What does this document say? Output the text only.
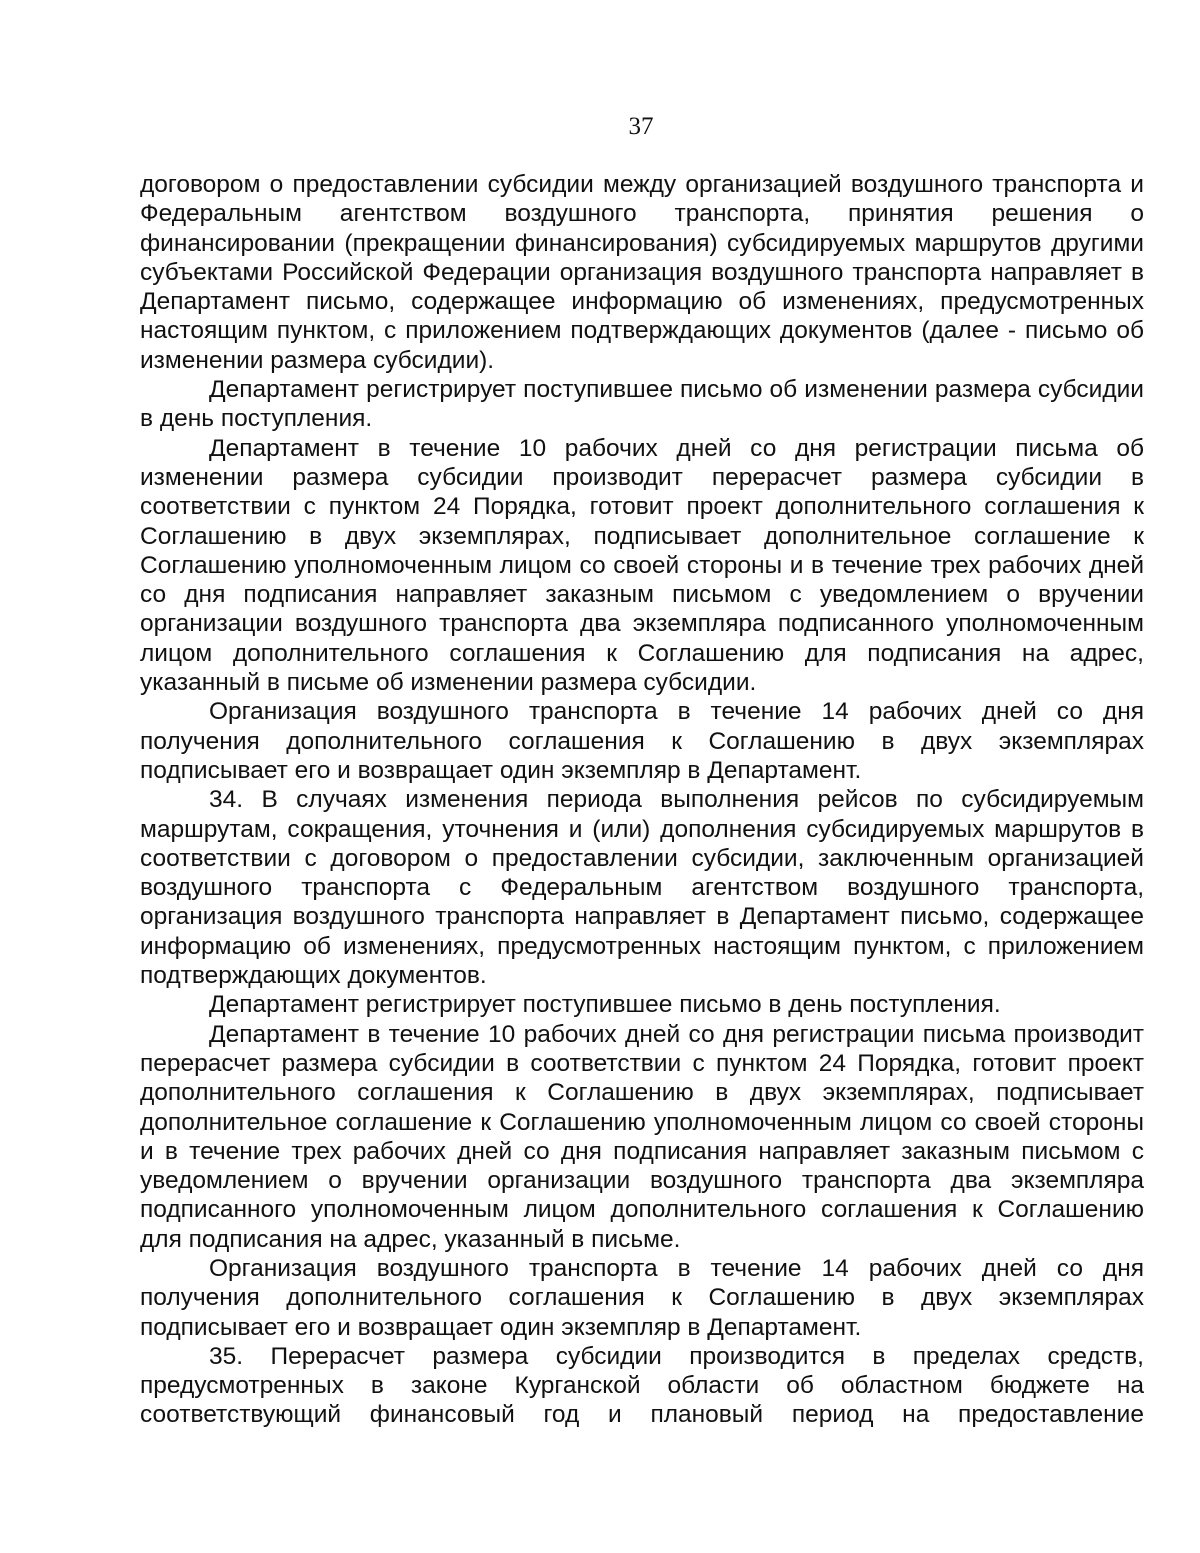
37

договором о предоставлении субсидии между организацией воздушного транспорта и Федеральным агентством воздушного транспорта, принятия решения о финансировании (прекращении финансирования) субсидируемых маршрутов другими субъектами Российской Федерации организация воздушного транспорта направляет в Департамент письмо, содержащее информацию об изменениях, предусмотренных настоящим пунктом, с приложением подтверждающих документов (далее - письмо об изменении размера субсидии).

Департамент регистрирует поступившее письмо об изменении размера субсидии в день поступления.

Департамент в течение 10 рабочих дней со дня регистрации письма об изменении размера субсидии производит перерасчет размера субсидии в соответствии с пунктом 24 Порядка, готовит проект дополнительного соглашения к Соглашению в двух экземплярах, подписывает дополнительное соглашение к Соглашению уполномоченным лицом со своей стороны и в течение трех рабочих дней со дня подписания направляет заказным письмом с уведомлением о вручении организации воздушного транспорта два экземпляра подписанного уполномоченным лицом дополнительного соглашения к Соглашению для подписания на адрес, указанный в письме об изменении размера субсидии.

Организация воздушного транспорта в течение 14 рабочих дней со дня получения дополнительного соглашения к Соглашению в двух экземплярах подписывает его и возвращает один экземпляр в Департамент.

34. В случаях изменения периода выполнения рейсов по субсидируемым маршрутам, сокращения, уточнения и (или) дополнения субсидируемых маршрутов в соответствии с договором о предоставлении субсидии, заключенным организацией воздушного транспорта с Федеральным агентством воздушного транспорта, организация воздушного транспорта направляет в Департамент письмо, содержащее информацию об изменениях, предусмотренных настоящим пунктом, с приложением подтверждающих документов.

Департамент регистрирует поступившее письмо в день поступления.

Департамент в течение 10 рабочих дней со дня регистрации письма производит перерасчет размера субсидии в соответствии с пунктом 24 Порядка, готовит проект дополнительного соглашения к Соглашению в двух экземплярах, подписывает дополнительное соглашение к Соглашению уполномоченным лицом со своей стороны и в течение трех рабочих дней со дня подписания направляет заказным письмом с уведомлением о вручении организации воздушного транспорта два экземпляра подписанного уполномоченным лицом дополнительного соглашения к Соглашению для подписания на адрес, указанный в письме.

Организация воздушного транспорта в течение 14 рабочих дней со дня получения дополнительного соглашения к Соглашению в двух экземплярах подписывает его и возвращает один экземпляр в Департамент.

35. Перерасчет размера субсидии производится в пределах средств, предусмотренных в законе Курганской области об областном бюджете на соответствующий финансовый год и плановый период на предоставление
